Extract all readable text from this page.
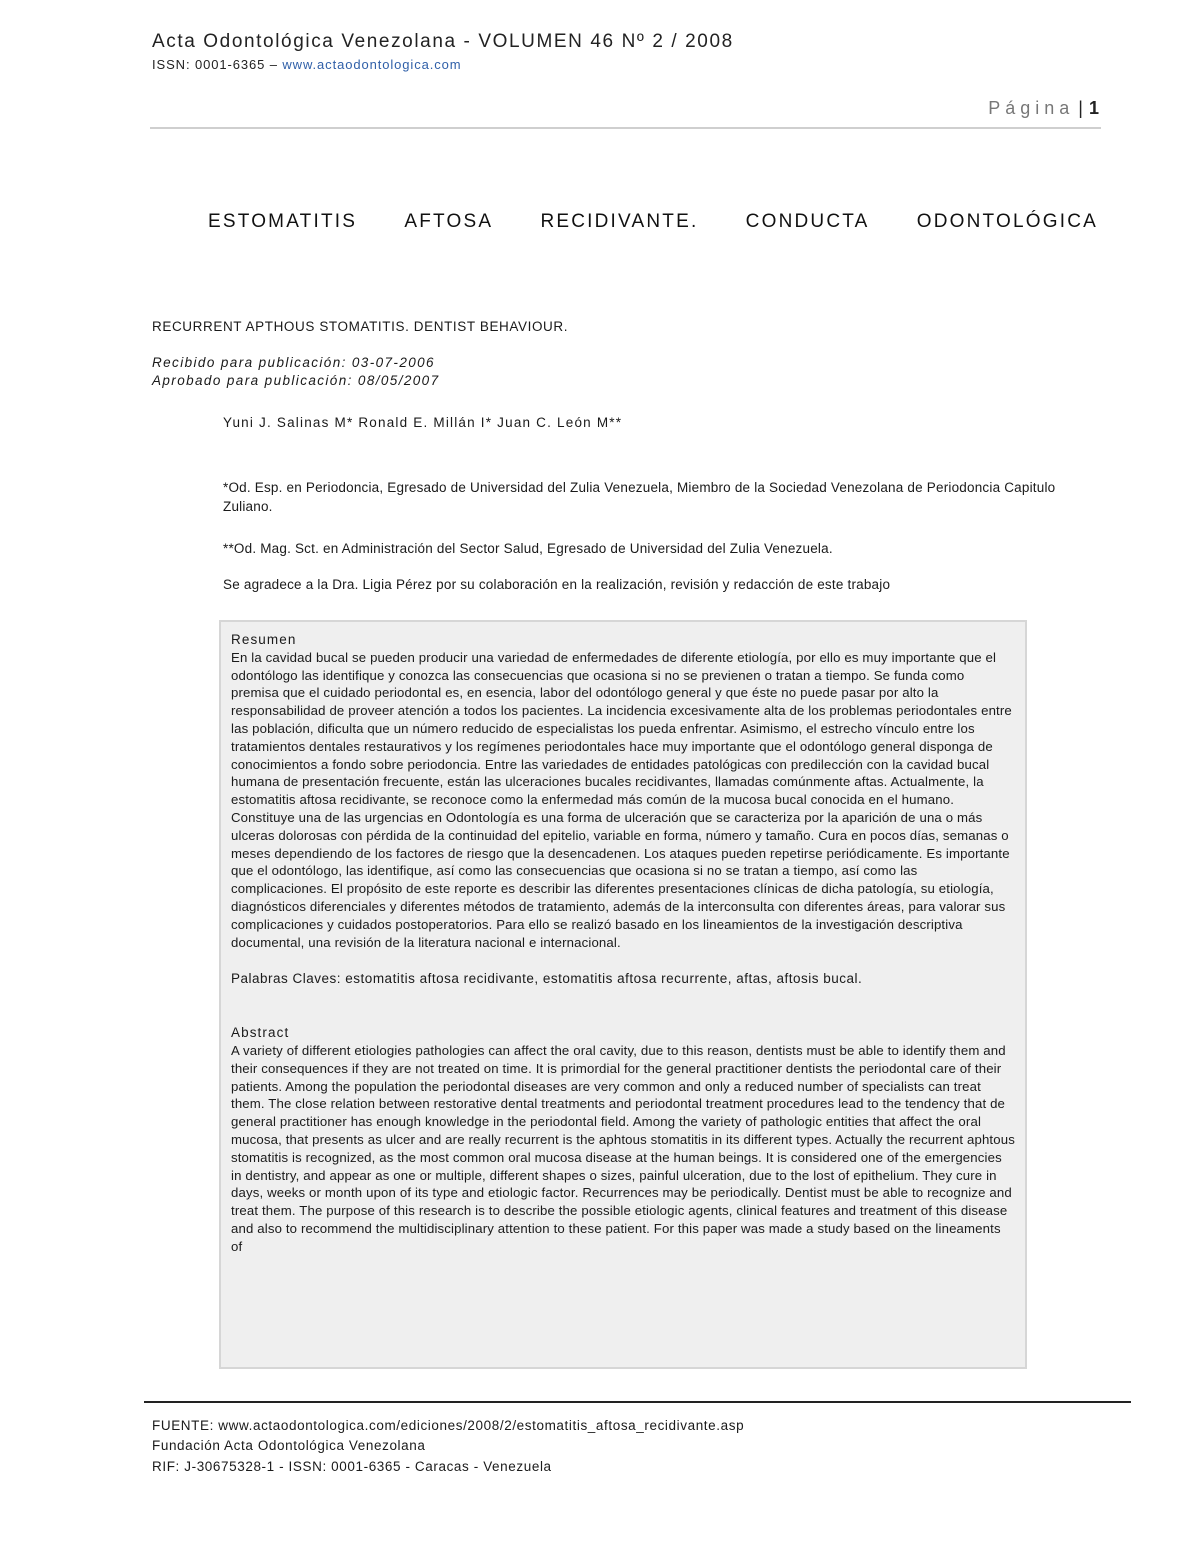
Acta Odontológica Venezolana - VOLUMEN 46 Nº 2 / 2008
ISSN: 0001-6365 – www.actaodontologica.com
Página | 1
ESTOMATITIS AFTOSA RECIDIVANTE. CONDUCTA ODONTOLÓGICA
RECURRENT APTHOUS STOMATITIS. DENTIST BEHAVIOUR.
Recibido para publicación: 03-07-2006
Aprobado para publicación: 08/05/2007
Yuni J. Salinas M* Ronald E. Millán I* Juan C. León M**
*Od. Esp. en Periodoncia, Egresado de Universidad del Zulia Venezuela, Miembro de la Sociedad Venezolana de Periodoncia Capitulo Zuliano.
**Od. Mag. Sct. en Administración del Sector Salud, Egresado de Universidad del Zulia Venezuela.
Se agradece a la Dra. Ligia Pérez por su colaboración en la realización, revisión y redacción de este trabajo
Resumen

En la cavidad bucal se pueden producir una variedad de enfermedades de diferente etiología, por ello es muy importante que el odontólogo las identifique y conozca las consecuencias que ocasiona si no se previenen o tratan a tiempo. Se funda como premisa que el cuidado periodontal es, en esencia, labor del odontólogo general y que éste no puede pasar por alto la responsabilidad de proveer atención a todos los pacientes. La incidencia excesivamente alta de los problemas periodontales entre las población, dificulta que un número reducido de especialistas los pueda enfrentar. Asimismo, el estrecho vínculo entre los tratamientos dentales restaurativos y los regímenes periodontales hace muy importante que el odontólogo general disponga de conocimientos a fondo sobre periodoncia. Entre las variedades de entidades patológicas con predilección con la cavidad bucal humana de presentación frecuente, están las ulceraciones bucales recidivantes, llamadas comúnmente aftas. Actualmente, la estomatitis aftosa recidivante, se reconoce como la enfermedad más común de la mucosa bucal conocida en el humano. Constituye una de las urgencias en Odontología es una forma de ulceración que se caracteriza por la aparición de una o más ulceras dolorosas con pérdida de la continuidad del epitelio, variable en forma, número y tamaño. Cura en pocos días, semanas o meses dependiendo de los factores de riesgo que la desencadenen. Los ataques pueden repetirse periódicamente. Es importante que el odontólogo, las identifique, así como las consecuencias que ocasiona si no se tratan a tiempo, así como las complicaciones. El propósito de este reporte es describir las diferentes presentaciones clínicas de dicha patología, su etiología, diagnósticos diferenciales y diferentes métodos de tratamiento, además de la interconsulta con diferentes áreas, para valorar sus complicaciones y cuidados postoperatorios. Para ello se realizó basado en los lineamientos de la investigación descriptiva documental, una revisión de la literatura nacional e internacional.

Palabras Claves: estomatitis aftosa recidivante, estomatitis aftosa recurrente, aftas, aftosis bucal.
Abstract

A variety of different etiologies pathologies can affect the oral cavity, due to this reason, dentists must be able to identify them and their consequences if they are not treated on time. It is primordial for the general practitioner dentists the periodontal care of their patients. Among the population the periodontal diseases are very common and only a reduced number of specialists can treat them. The close relation between restorative dental treatments and periodontal treatment procedures lead to the tendency that de general practitioner has enough knowledge in the periodontal field. Among the variety of pathologic entities that affect the oral mucosa, that presents as ulcer and are really recurrent is the aphtous stomatitis in its different types. Actually the recurrent aphtous stomatitis is recognized, as the most common oral mucosa disease at the human beings. It is considered one of the emergencies in dentistry, and appear as one or multiple, different shapes o sizes, painful ulceration, due to the lost of epithelium. They cure in days, weeks or month upon of its type and etiologic factor. Recurrences may be periodically. Dentist must be able to recognize and treat them. The purpose of this research is to describe the possible etiologic agents, clinical features and treatment of this disease and also to recommend the multidisciplinary attention to these patient. For this paper was made a study based on the lineaments of

FUENTE: www.actaodontologica.com/ediciones/2008/2/estomatitis_aftosa_recidivante.asp
Fundación Acta Odontológica Venezolana
RIF: J-30675328-1 - ISSN: 0001-6365 - Caracas - Venezuela
